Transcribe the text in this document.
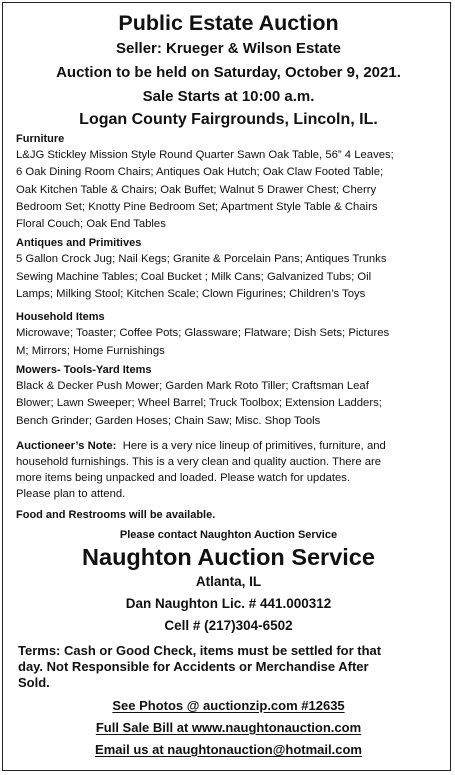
Public Estate Auction

Seller: Krueger & Wilson Estate

Auction to be held on Saturday, October 9, 2021.

Sale Starts at 10:00 a.m.

Logan County Fairgrounds, Lincoln, IL.

Furniture

L&JG Stickley Mission Style Round Quarter Sawn Oak Table, 56” 4 Leaves;

6 Oak Dining Room Chairs; Antiques Oak Hutch; Oak Claw Footed Table;

Oak Kitchen Table & Chairs; Oak Buffet; Walnut 5 Drawer Chest; Cherry

Bedroom Set; Knotty Pine Bedroom Set; Apartment Style Table & Chairs

Floral Couch; Oak End Tables

Antiques and Primitives

5 Gallon Crock Jug; Nail Kegs; Granite & Porcelain Pans; Antiques Trunks

Sewing Machine Tables; Coal Bucket ; Milk Cans; Galvanized Tubs; Oil

Lamps; Milking Stool; Kitchen Scale; Clown Figurines; Children’s Toys

Household Items

Microwave; Toaster; Coffee Pots; Glassware; Flatware; Dish Sets; Pictures

M; Mirrors; Home Furnishings

Mowers- Tools-Yard Items

Black & Decker Push Mower; Garden Mark Roto Tiller; Craftsman Leaf

Blower; Lawn Sweeper; Wheel Barrel; Truck Toolbox; Extension Ladders;

Bench Grinder; Garden Hoses; Chain Saw; Misc. Shop Tools

Auctioneer’s Note: Here is a very nice lineup of primitives, furniture, and

household furnishings. This is a very clean and quality auction. There are

more items being unpacked and loaded. Please watch for updates.

Please plan to attend.

Food and Restrooms will be available.

Please contact Naughton Auction Service

Naughton Auction Service

Atlanta, IL

Dan Naughton Lic. # 441.000312

Cell # (217)304-6502

Terms: Cash or Good Check, items must be settled for that

day. Not Responsible for Accidents or Merchandise After

Sold.

See Photos @ auctionzip.com #12635

Full Sale Bill at www.naughtonauction.com

Email us at naughtonauction@hotmail.com
